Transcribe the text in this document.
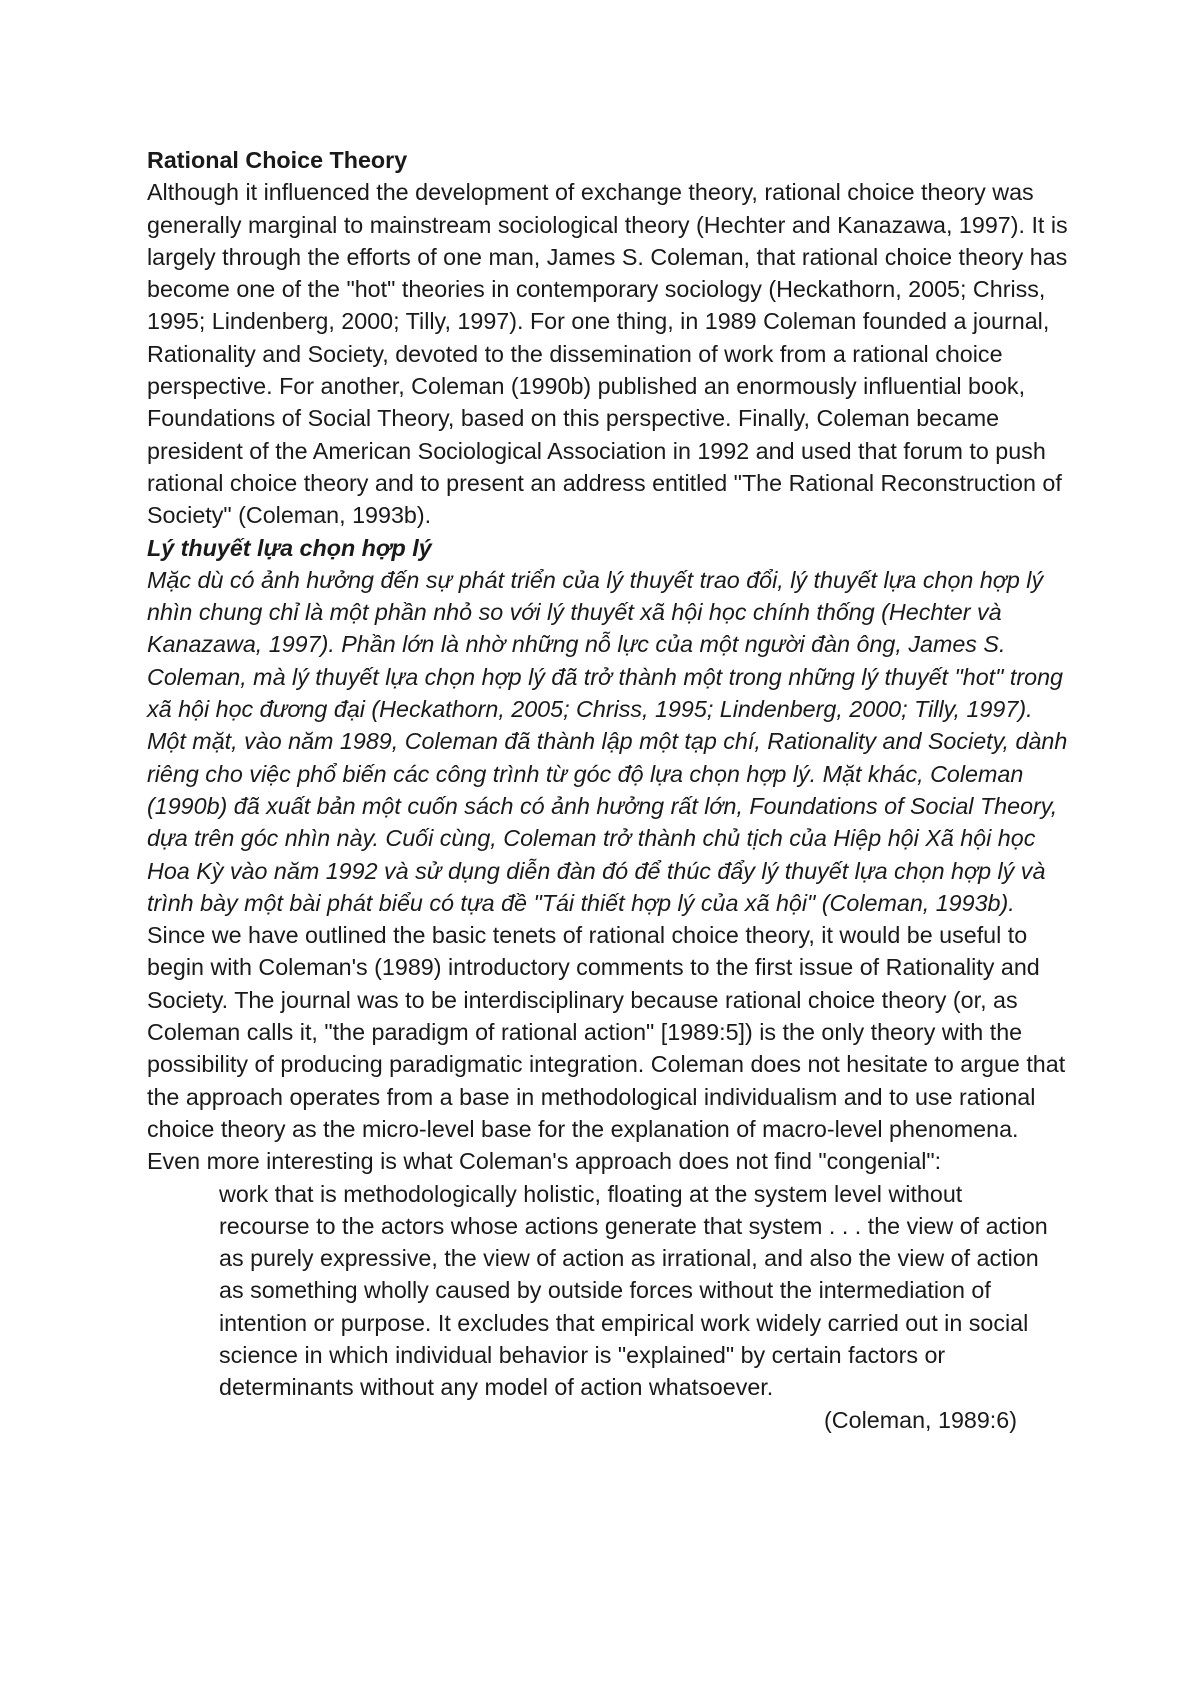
Rational Choice Theory

Although it influenced the development of exchange theory, rational choice theory was generally marginal to mainstream sociological theory (Hechter and Kanazawa, 1997). It is largely through the efforts of one man, James S. Coleman, that rational choice theory has become one of the "hot" theories in contemporary sociology (Heckathorn, 2005; Chriss, 1995; Lindenberg, 2000; Tilly, 1997). For one thing, in 1989 Coleman founded a journal, Rationality and Society, devoted to the dissemination of work from a rational choice perspective. For another, Coleman (1990b) published an enormously influential book, Foundations of Social Theory, based on this perspective. Finally, Coleman became president of the American Sociological Association in 1992 and used that forum to push rational choice theory and to present an address entitled "The Rational Reconstruction of Society" (Coleman, 1993b).

Lý thuyết lựa chọn hợp lý

Mặc dù có ảnh hưởng đến sự phát triển của lý thuyết trao đổi, lý thuyết lựa chọn hợp lý nhìn chung chỉ là một phần nhỏ so với lý thuyết xã hội học chính thống (Hechter và Kanazawa, 1997). Phần lớn là nhờ những nỗ lực của một người đàn ông, James S. Coleman, mà lý thuyết lựa chọn hợp lý đã trở thành một trong những lý thuyết "hot" trong xã hội học đương đại (Heckathorn, 2005; Chriss, 1995; Lindenberg, 2000; Tilly, 1997). Một mặt, vào năm 1989, Coleman đã thành lập một tạp chí, Rationality and Society, dành riêng cho việc phổ biến các công trình từ góc độ lựa chọn hợp lý. Mặt khác, Coleman (1990b) đã xuất bản một cuốn sách có ảnh hưởng rất lớn, Foundations of Social Theory, dựa trên góc nhìn này. Cuối cùng, Coleman trở thành chủ tịch của Hiệp hội Xã hội học Hoa Kỳ vào năm 1992 và sử dụng diễn đàn đó để thúc đẩy lý thuyết lựa chọn hợp lý và trình bày một bài phát biểu có tựa đề "Tái thiết hợp lý của xã hội" (Coleman, 1993b).

Since we have outlined the basic tenets of rational choice theory, it would be useful to begin with Coleman's (1989) introductory comments to the first issue of Rationality and Society. The journal was to be interdisciplinary because rational choice theory (or, as Coleman calls it, "the paradigm of rational action" [1989:5]) is the only theory with the possibility of producing paradigmatic integration. Coleman does not hesitate to argue that the approach operates from a base in methodological individualism and to use rational choice theory as the micro-level base for the explanation of macro-level phenomena. Even more interesting is what Coleman's approach does not find "congenial":

work that is methodologically holistic, floating at the system level without recourse to the actors whose actions generate that system . . . the view of action as purely expressive, the view of action as irrational, and also the view of action as something wholly caused by outside forces without the intermediation of intention or purpose. It excludes that empirical work widely carried out in social science in which individual behavior is "explained" by certain factors or determinants without any model of action whatsoever.

(Coleman, 1989:6)
